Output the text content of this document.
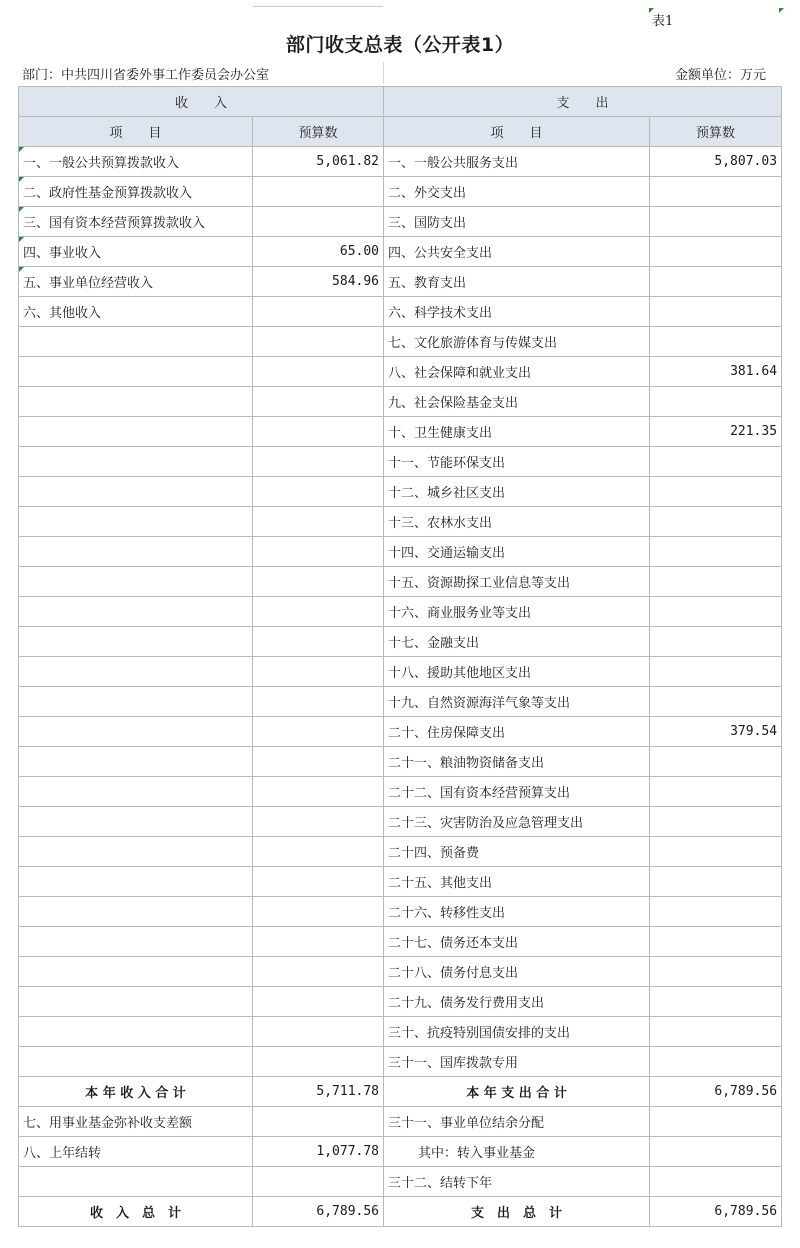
表1
部门收支总表（公开表1）
部门：中共四川省委外事工作委员会办公室	金额单位：万元
收　　入		支　　出	
项　　目	预算数	项　　目	预算数
一、一般公共预算拨款收入	5,061.82	一、一般公共服务支出	5,807.03
二、政府性基金预算拨款收入		二、外交支出	
三、国有资本经营预算拨款收入		三、国防支出	
四、事业收入	65.00	四、公共安全支出	
五、事业单位经营收入	584.96	五、教育支出	
六、其他收入		六、科学技术支出	
		七、文化旅游体育与传媒支出	
		八、社会保障和就业支出	381.64
		九、社会保险基金支出	
		十、卫生健康支出	221.35
		十一、节能环保支出	
		十二、城乡社区支出	
		十三、农林水支出	
		十四、交通运输支出	
		十五、资源勘探工业信息等支出	
		十六、商业服务业等支出	
		十七、金融支出	
		十八、援助其他地区支出	
		十九、自然资源海洋气象等支出	
		二十、住房保障支出	379.54
		二十一、粮油物资储备支出	
		二十二、国有资本经营预算支出	
		二十三、灾害防治及应急管理支出	
		二十四、预备费	
		二十五、其他支出	
		二十六、转移性支出	
		二十七、债务还本支出	
		二十八、债务付息支出	
		二十九、债务发行费用支出	
		三十、抗疫特别国债安排的支出	
		三十一、国库拨款专用	
本 年 收 入 合 计	5,711.78	本 年 支 出 合 计	6,789.56
七、用事业基金弥补收支差额		三十一、事业单位结余分配	
八、上年结转	1,077.78	其中：转入事业基金	
		三十二、结转下年	
收　入　总　计	6,789.56	支　出　总　计	6,789.56
